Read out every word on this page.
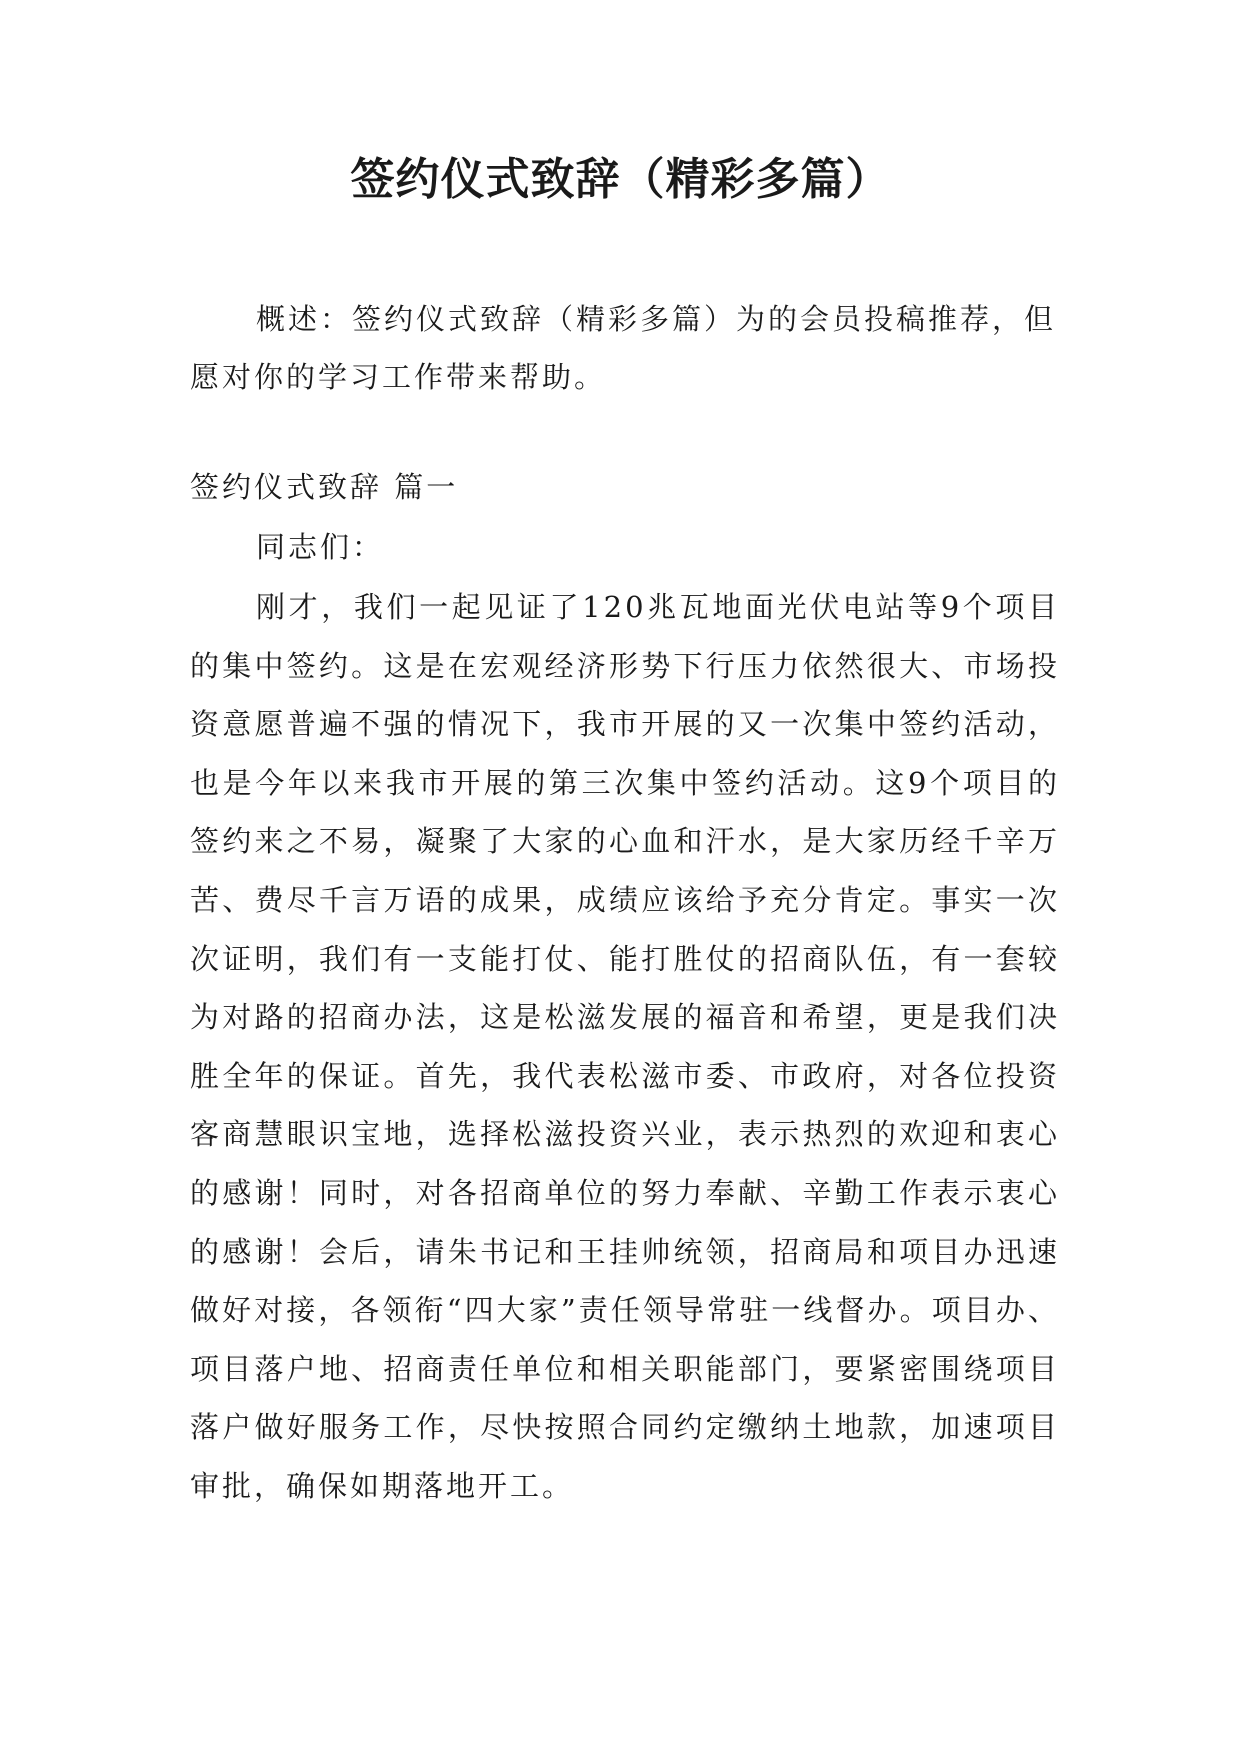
签约仪式致辞（精彩多篇）

概述：签约仪式致辞（精彩多篇）为的会员投稿推荐，但愿对你的学习工作带来帮助。

签约仪式致辞 篇一

同志们：

刚才，我们一起见证了120兆瓦地面光伏电站等9个项目的集中签约。这是在宏观经济形势下行压力依然很大、市场投资意愿普遍不强的情况下，我市开展的又一次集中签约活动，也是今年以来我市开展的第三次集中签约活动。这9个项目的签约来之不易，凝聚了大家的心血和汗水，是大家历经千辛万苦、费尽千言万语的成果，成绩应该给予充分肯定。事实一次次证明，我们有一支能打仗、能打胜仗的招商队伍，有一套较为对路的招商办法，这是松滋发展的福音和希望，更是我们决胜全年的保证。首先，我代表松滋市委、市政府，对各位投资客商慧眼识宝地，选择松滋投资兴业，表示热烈的欢迎和衷心的感谢！同时，对各招商单位的努力奉献、辛勤工作表示衷心的感谢！会后，请朱书记和王挂帅统领，招商局和项目办迅速做好对接，各领衔“四大家”责任领导常驻一线督办。项目办、项目落户地、招商责任单位和相关职能部门，要紧密围绕项目落户做好服务工作，尽快按照合同约定缴纳土地款，加速项目审批，确保如期落地开工。
